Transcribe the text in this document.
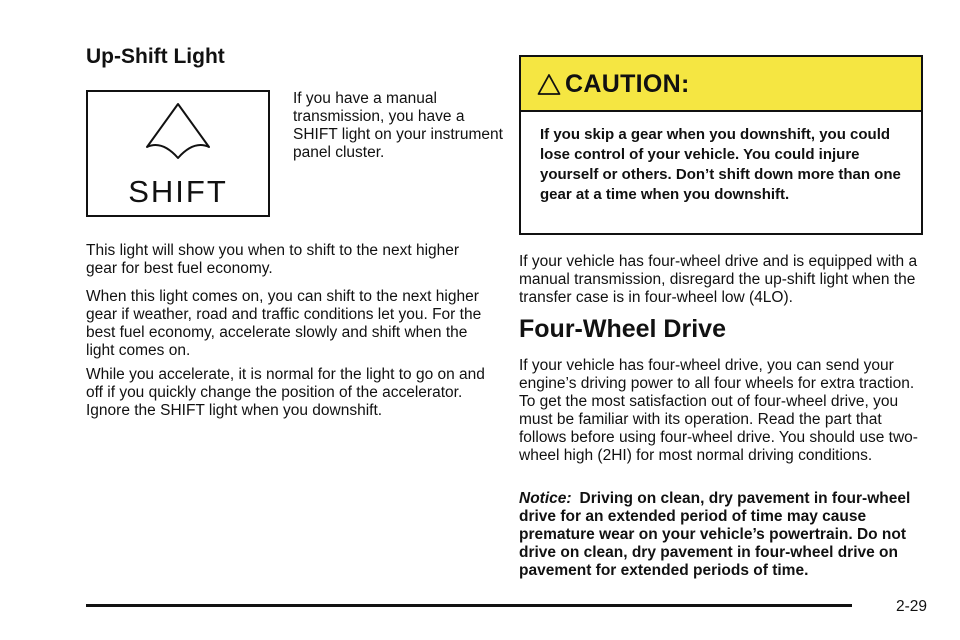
Up-Shift Light
SHIFT

If you have a manual transmission, you have a SHIFT light on your instrument panel cluster.

This light will show you when to shift to the next higher gear for best fuel economy.

When this light comes on, you can shift to the next higher gear if weather, road and traffic conditions let you. For the best fuel economy, accelerate slowly and shift when the light comes on.

While you accelerate, it is normal for the light to go on and off if you quickly change the position of the accelerator. Ignore the SHIFT light when you downshift.

CAUTION:

If you skip a gear when you downshift, you could lose control of your vehicle. You could injure yourself or others. Don’t shift down more than one gear at a time when you downshift.

If your vehicle has four-wheel drive and is equipped with a manual transmission, disregard the up-shift light when the transfer case is in four-wheel low (4LO).

Four-Wheel Drive

If your vehicle has four-wheel drive, you can send your engine’s driving power to all four wheels for extra traction. To get the most satisfaction out of four-wheel drive, you must be familiar with its operation. Read the part that follows before using four-wheel drive. You should use two-wheel high (2HI) for most normal driving conditions.

Notice: Driving on clean, dry pavement in four-wheel drive for an extended period of time may cause premature wear on your vehicle’s powertrain. Do not drive on clean, dry pavement in four-wheel drive on pavement for extended periods of time.

2-29
